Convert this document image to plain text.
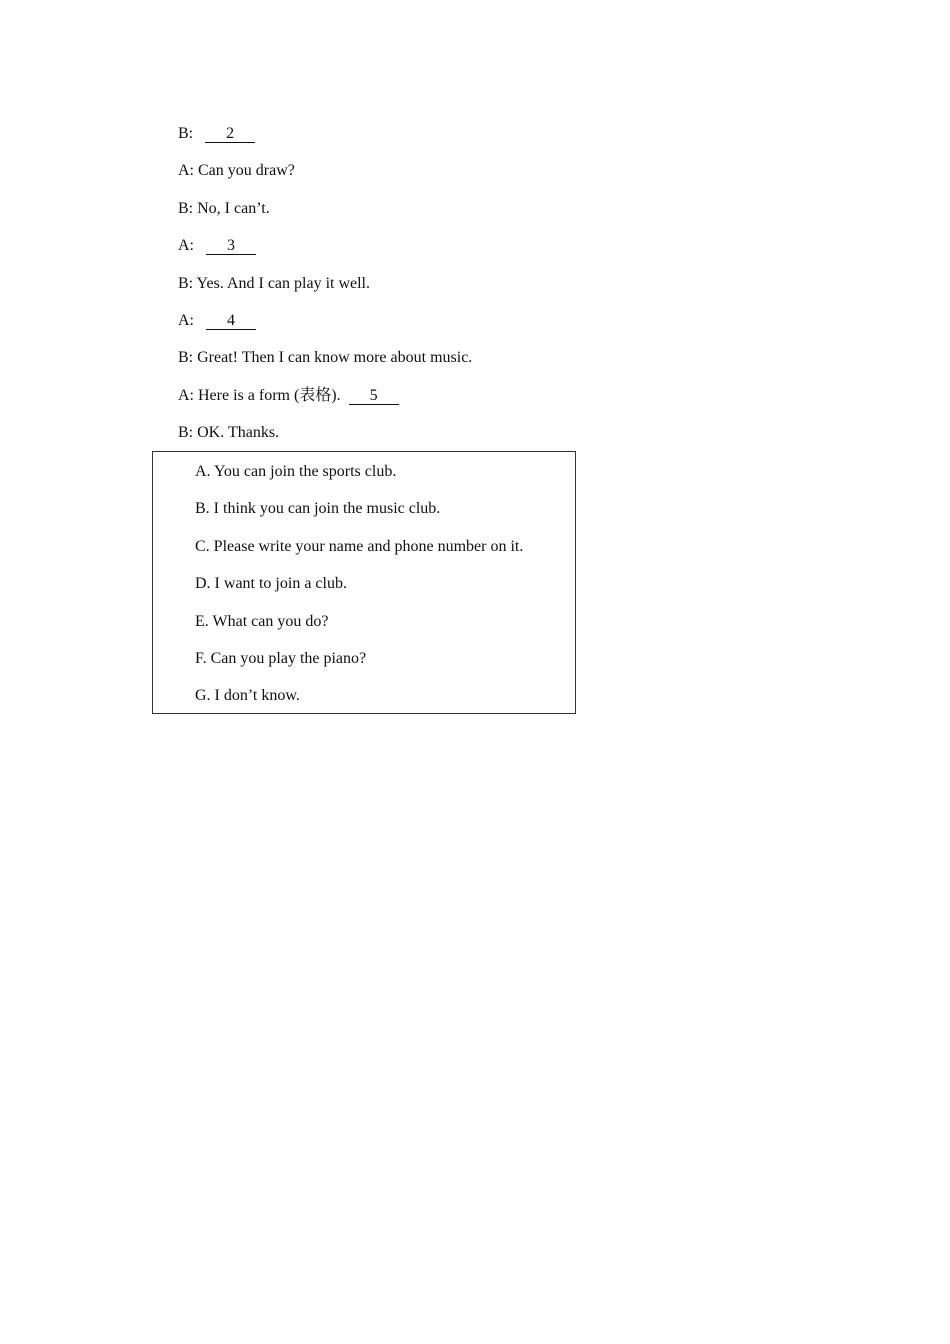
B: 2
A: Can you draw?
B: No, I can’t.
A: 3
B: Yes. And I can play it well.
A: 4
B: Great! Then I can know more about music.
A: Here is a form (表格). 5
B: OK. Thanks.
A. You can join the sports club.
B. I think you can join the music club.
C. Please write your name and phone number on it.
D. I want to join a club.
E. What can you do?
F. Can you play the piano?
G. I don’t know.
